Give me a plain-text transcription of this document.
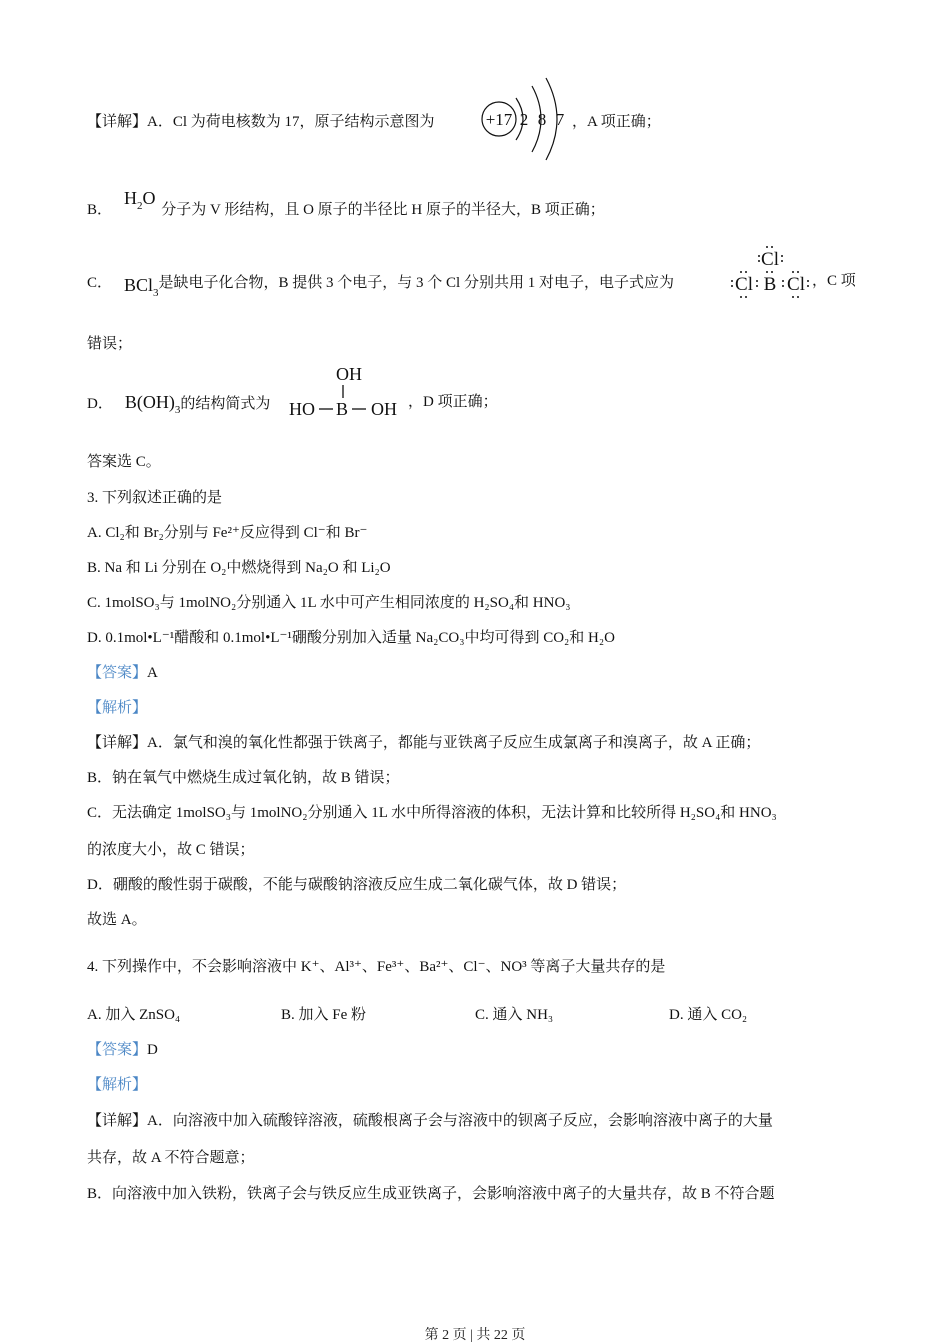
【详解】A．Cl 为荷电核数为 17，原子结构示意图为	+17 2 8 7 ，A 项正确；
B．$H_2O$ 分子为 V 形结构，且 O 原子的半径比 H 原子的半径大，B 项正确；
C． BCl$_3$是缺电子化合物，B 提供 3 个电子，与 3 个 Cl 分别共用 1 对电子，电子式应为
Cl
Cl B Cl ，C 项
错误；
D． $B(OH)_3$的结构简式为
OH
HO B OH ，D 项正确；
答案选 C。
3. 下列叙述正确的是
A. Cl₂和 Br₂分别与 Fe²⁺反应得到 Cl⁻和 Br⁻
B. Na 和 Li 分别在 O₂中燃烧得到 Na₂O 和 Li₂O
C. 1molSO₃与 1molNO₂分别通入 1L 水中可产生相同浓度的 H₂SO₄和 HNO₃
D. 0.1mol•L⁻¹醋酸和 0.1mol•L⁻¹硼酸分别加入适量 Na₂CO₃中均可得到 CO₂和 H₂O
【答案】A
【解析】
【详解】A．氯气和溴的氧化性都强于铁离子，都能与亚铁离子反应生成氯离子和溴离子，故 A 正确；
B．钠在氧气中燃烧生成过氧化钠，故 B 错误；
C．无法确定 1molSO₃与 1molNO₂分别通入 1L 水中所得溶液的体积，无法计算和比较所得 H₂SO₄和 HNO₃
的浓度大小，故 C 错误；
D．硼酸的酸性弱于碳酸，不能与碳酸钠溶液反应生成二氧化碳气体，故 D 错误；
故选 A。
4. 下列操作中，不会影响溶液中 K⁺、Al³⁺、Fe³⁺、Ba²⁺、Cl⁻、NO³ 等离子大量共存的是
A. 加入 ZnSO₄	B. 加入 Fe 粉	C. 通入 NH₃	D. 通入 CO₂
【答案】D
【解析】
【详解】A．向溶液中加入硫酸锌溶液，硫酸根离子会与溶液中的钡离子反应，会影响溶液中离子的大量
共存，故 A 不符合题意；
B．向溶液中加入铁粉，铁离子会与铁反应生成亚铁离子，会影响溶液中离子的大量共存，故 B 不符合题
第 2 页 | 共 22 页
